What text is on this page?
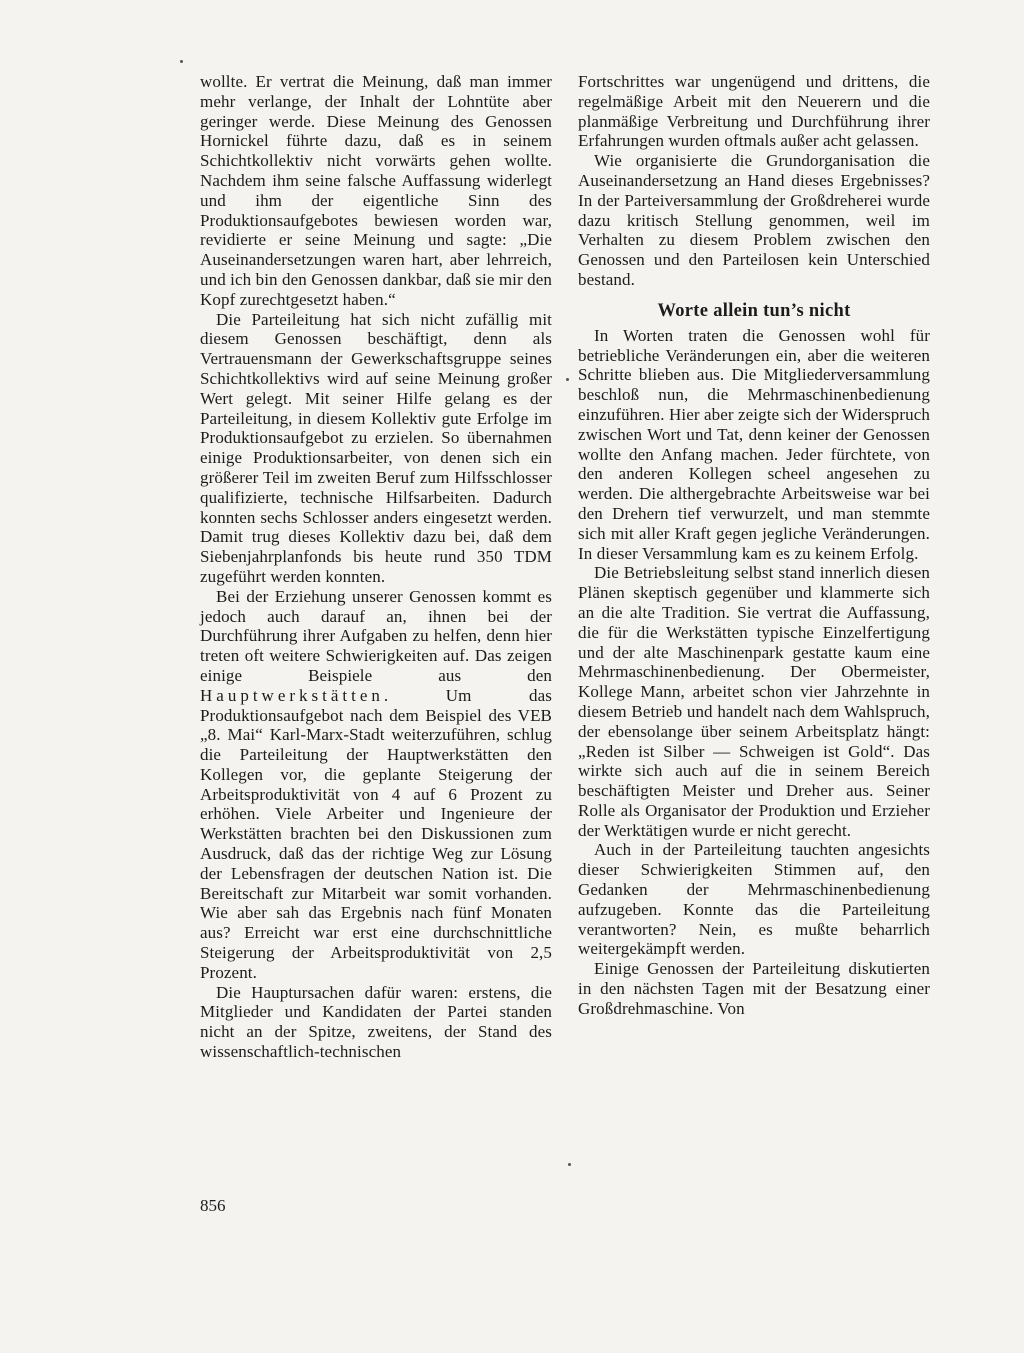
wollte. Er vertrat die Meinung, daß man immer mehr verlange, der Inhalt der Lohntüte aber geringer werde. Diese Meinung des Genossen Hornickel führte dazu, daß es in seinem Schichtkollektiv nicht vorwärts gehen wollte. Nachdem ihm seine falsche Auffassung widerlegt und ihm der eigentliche Sinn des Produktionsaufgebotes bewiesen worden war, revidierte er seine Meinung und sagte: „Die Auseinandersetzungen waren hart, aber lehrreich, und ich bin den Genossen dankbar, daß sie mir den Kopf zurechtgesetzt haben.“

Die Parteileitung hat sich nicht zufällig mit diesem Genossen beschäftigt, denn als Vertrauensmann der Gewerkschaftsgruppe seines Schichtkollektivs wird auf seine Meinung großer Wert gelegt. Mit seiner Hilfe gelang es der Parteileitung, in diesem Kollektiv gute Erfolge im Produktionsaufgebot zu erzielen. So übernahmen einige Produktionsarbeiter, von denen sich ein größerer Teil im zweiten Beruf zum Hilfsschlosser qualifizierte, technische Hilfsarbeiten. Dadurch konnten sechs Schlosser anders eingesetzt werden. Damit trug dieses Kollektiv dazu bei, daß dem Siebenjahrplanfonds bis heute rund 350 TDM zugeführt werden konnten.

Bei der Erziehung unserer Genossen kommt es jedoch auch darauf an, ihnen bei der Durchführung ihrer Aufgaben zu helfen, denn hier treten oft weitere Schwierigkeiten auf. Das zeigen einige Beispiele aus den Hauptwerkstätten. Um das Produktionsaufgebot nach dem Beispiel des VEB „8. Mai“ Karl-Marx-Stadt weiterzuführen, schlug die Parteileitung der Hauptwerkstätten den Kollegen vor, die geplante Steigerung der Arbeitsproduktivität von 4 auf 6 Prozent zu erhöhen. Viele Arbeiter und Ingenieure der Werkstätten brachten bei den Diskussionen zum Ausdruck, daß das der richtige Weg zur Lösung der Lebensfragen der deutschen Nation ist. Die Bereitschaft zur Mitarbeit war somit vorhanden. Wie aber sah das Ergebnis nach fünf Monaten aus? Erreicht war erst eine durchschnittliche Steigerung der Arbeitsproduktivität von 2,5 Prozent.

Die Hauptursachen dafür waren: erstens, die Mitglieder und Kandidaten der Partei standen nicht an der Spitze, zweitens, der Stand des wissenschaftlich-technischen

Fortschrittes war ungenügend und drittens, die regelmäßige Arbeit mit den Neuerern und die planmäßige Verbreitung und Durchführung ihrer Erfahrungen wurden oftmals außer acht gelassen.

Wie organisierte die Grundorganisation die Auseinandersetzung an Hand dieses Ergebnisses? In der Parteiversammlung der Großdreherei wurde dazu kritisch Stellung genommen, weil im Verhalten zu diesem Problem zwischen den Genossen und den Parteilosen kein Unterschied bestand.

Worte allein tun’s nicht

In Worten traten die Genossen wohl für betriebliche Veränderungen ein, aber die weiteren Schritte blieben aus. Die Mitgliederversammlung beschloß nun, die Mehrmaschinenbedienung einzuführen. Hier aber zeigte sich der Widerspruch zwischen Wort und Tat, denn keiner der Genossen wollte den Anfang machen. Jeder fürchtete, von den anderen Kollegen scheel angesehen zu werden. Die althergebrachte Arbeitsweise war bei den Drehern tief verwurzelt, und man stemmte sich mit aller Kraft gegen jegliche Veränderungen. In dieser Versammlung kam es zu keinem Erfolg.

Die Betriebsleitung selbst stand innerlich diesen Plänen skeptisch gegenüber und klammerte sich an die alte Tradition. Sie vertrat die Auffassung, die für die Werkstätten typische Einzelfertigung und der alte Maschinenpark gestatte kaum eine Mehrmaschinenbedienung. Der Obermeister, Kollege Mann, arbeitet schon vier Jahrzehnte in diesem Betrieb und handelt nach dem Wahlspruch, der ebensolange über seinem Arbeitsplatz hängt: „Reden ist Silber — Schweigen ist Gold“. Das wirkte sich auch auf die in seinem Bereich beschäftigten Meister und Dreher aus. Seiner Rolle als Organisator der Produktion und Erzieher der Werktätigen wurde er nicht gerecht.

Auch in der Parteileitung tauchten angesichts dieser Schwierigkeiten Stimmen auf, den Gedanken der Mehrmaschinenbedienung aufzugeben. Konnte das die Parteileitung verantworten? Nein, es mußte beharrlich weitergekämpft werden.

Einige Genossen der Parteileitung diskutierten in den nächsten Tagen mit der Besatzung einer Großdrehmaschine. Von

856
